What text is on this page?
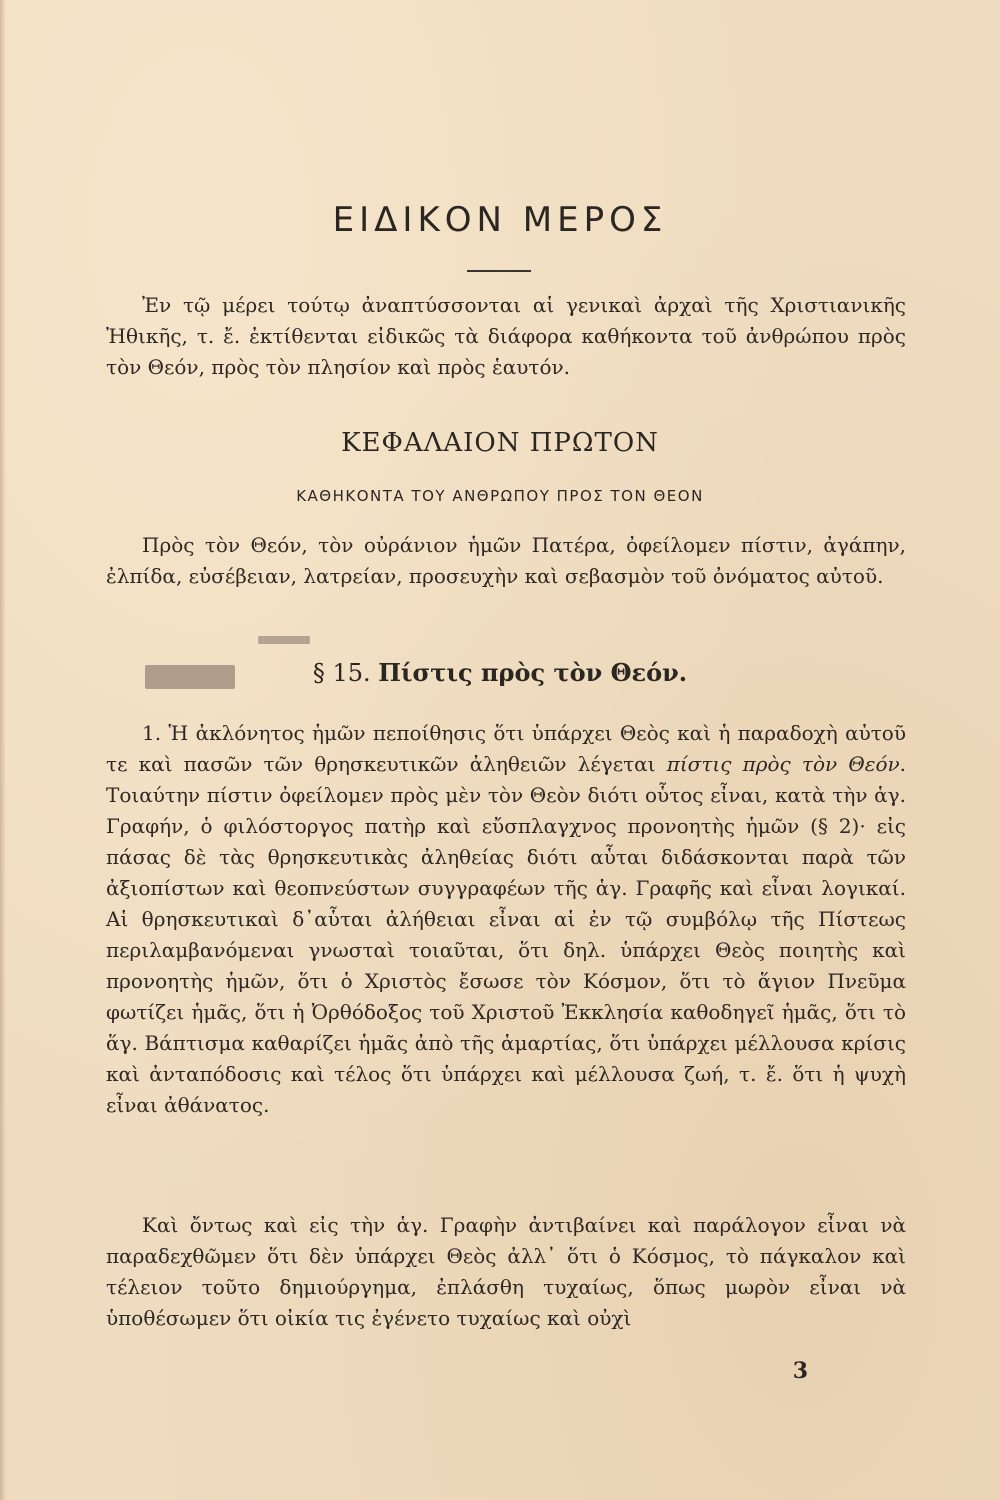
ΕΙΔΙΚΟΝ ΜΕΡΟΣ

Ἐν τῷ μέρει τούτῳ ἀναπτύσσονται αἱ γενικαὶ ἀρχαὶ τῆς Χριστιανικῆς Ἠθικῆς, τ. ἔ. ἐκτίθενται εἰδικῶς τὰ διάφορα καθήκοντα τοῦ ἀνθρώπου πρὸς τὸν Θεόν, πρὸς τὸν πλησίον καὶ πρὸς ἑαυτόν.

ΚΕΦΑΛΑΙΟΝ ΠΡΩΤΟΝ
ΚΑΘΗΚΟΝΤΑ ΤΟΥ ΑΝΘΡΩΠΟΥ ΠΡΟΣ ΤΟΝ ΘΕΟΝ

Πρὸς τὸν Θεόν, τὸν οὐράνιον ἡμῶν Πατέρα, ὀφείλομεν πίστιν, ἀγάπην, ἐλπίδα, εὐσέβειαν, λατρείαν, προσευχὴν καὶ σεβασμὸν τοῦ ὀνόματος αὐτοῦ.

§ 15. Πίστις πρὸς τὸν Θεόν.

1. Ἡ ἀκλόνητος ἡμῶν πεποίθησις ὅτι ὑπάρχει Θεὸς καὶ ἡ παραδοχὴ αὐτοῦ τε καὶ πασῶν τῶν θρησκευτικῶν ἀληθειῶν λέγεται πίστις πρὸς τὸν Θεόν. Τοιαύτην πίστιν ὀφείλομεν πρὸς μὲν τὸν Θεὸν διότι οὗτος εἶναι, κατὰ τὴν ἁγ. Γραφήν, ὁ φιλόστοργος πατὴρ καὶ εὔσπλαγχνος προνοητὴς ἡμῶν (§ 2)· εἰς πάσας δὲ τὰς θρησκευτικὰς ἀληθείας διότι αὗται διδάσκονται παρὰ τῶν ἀξιοπίστων καὶ θεοπνεύστων συγγραφέων τῆς ἁγ. Γραφῆς καὶ εἶναι λογικαί. Αἱ θρησκευτικαὶ δ᾽αὗται ἀλήθειαι εἶναι αἱ ἐν τῷ συμβόλῳ τῆς Πίστεως περιλαμβανόμεναι γνωσταὶ τοιαῦται, ὅτι δηλ. ὑπάρχει Θεὸς ποιητὴς καὶ προνοητὴς ἡμῶν, ὅτι ὁ Χριστὸς ἔσωσε τὸν Κόσμον, ὅτι τὸ ἅγιον Πνεῦμα φωτίζει ἡμᾶς, ὅτι ἡ Ὀρθόδοξος τοῦ Χριστοῦ Ἐκκλησία καθοδηγεῖ ἡμᾶς, ὅτι τὸ ἅγ. Βάπτισμα καθαρίζει ἡμᾶς ἀπὸ τῆς ἁμαρτίας, ὅτι ὑπάρχει μέλλουσα κρίσις καὶ ἀνταπόδοσις καὶ τέλος ὅτι ὑπάρχει καὶ μέλλουσα ζωή, τ. ἔ. ὅτι ἡ ψυχὴ εἶναι ἀθάνατος.

Καὶ ὄντως καὶ εἰς τὴν ἁγ. Γραφὴν ἀντιβαίνει καὶ παράλογον εἶναι νὰ παραδεχθῶμεν ὅτι δὲν ὑπάρχει Θεὸς ἀλλ᾽ ὅτι ὁ Κόσμος, τὸ πάγκαλον καὶ τέλειον τοῦτο δημιούργημα, ἐπλάσθη τυχαίως, ὅπως μωρὸν εἶναι νὰ ὑποθέσωμεν ὅτι οἰκία τις ἐγένετο τυχαίως καὶ οὐχὶ

3
